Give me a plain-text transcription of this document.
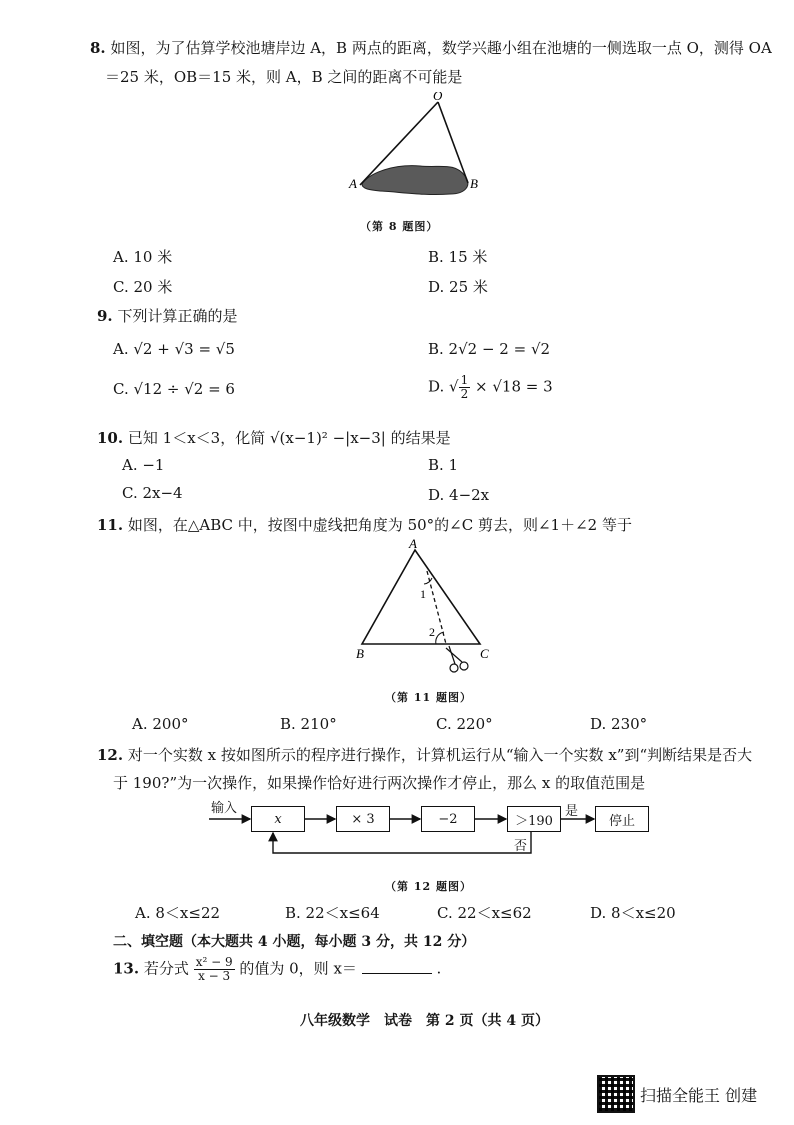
8. 如图，为了估算学校池塘岸边 A，B 两点的距离，数学兴趣小组在池塘的一侧选取一点 O，测得 OA
＝25 米，OB＝15 米，则 A，B 之间的距离不可能是
O
A	B
（第 8 题图）
A. 10 米	B. 15 米
C. 20 米	D. 25 米
9. 下列计算正确的是
A. √2 + √3 = √5	B. 2√2 − 2 = √2
C. √12 ÷ √2 = 6	D. √ $\frac{1}{2} \times √18 = 3$
10. 已知 1＜x＜3，化简 √(x−1)² −|x−3| 的结果是
A. −1	B. 1
C. 2x−4	D. 4−2x
11. 如图，在△ABC 中，按图中虚线把角度为 50°的∠C 剪去，则∠1＋∠2 等于
1
2
A
B	C
（第 11 题图）
A. 200°	B. 210°	C. 220°	D. 230°
12. 对一个实数 x 按如图所示的程序进行操作，计算机运行从“输入一个实数 x”到“判断结果是否大
于 190?”为一次操作，如果操作恰好进行两次操作才停止，那么 x 的取值范围是
输入
x	× 3	−2	＞190
是
停止
否
（第 12 题图）
A. 8＜x≤22	B. 22＜x≤64	C. 22＜x≤62	D. 8＜x≤20
二、填空题（本大题共 4 小题，每小题 3 分，共 12 分）
13. 若分式 $\frac{\text{x² − 9}}{x - 3}$ 的值为 0，则 x＝	.
八年级数学　试卷　第 2 页（共 4 页）
扫描全能王 创建
